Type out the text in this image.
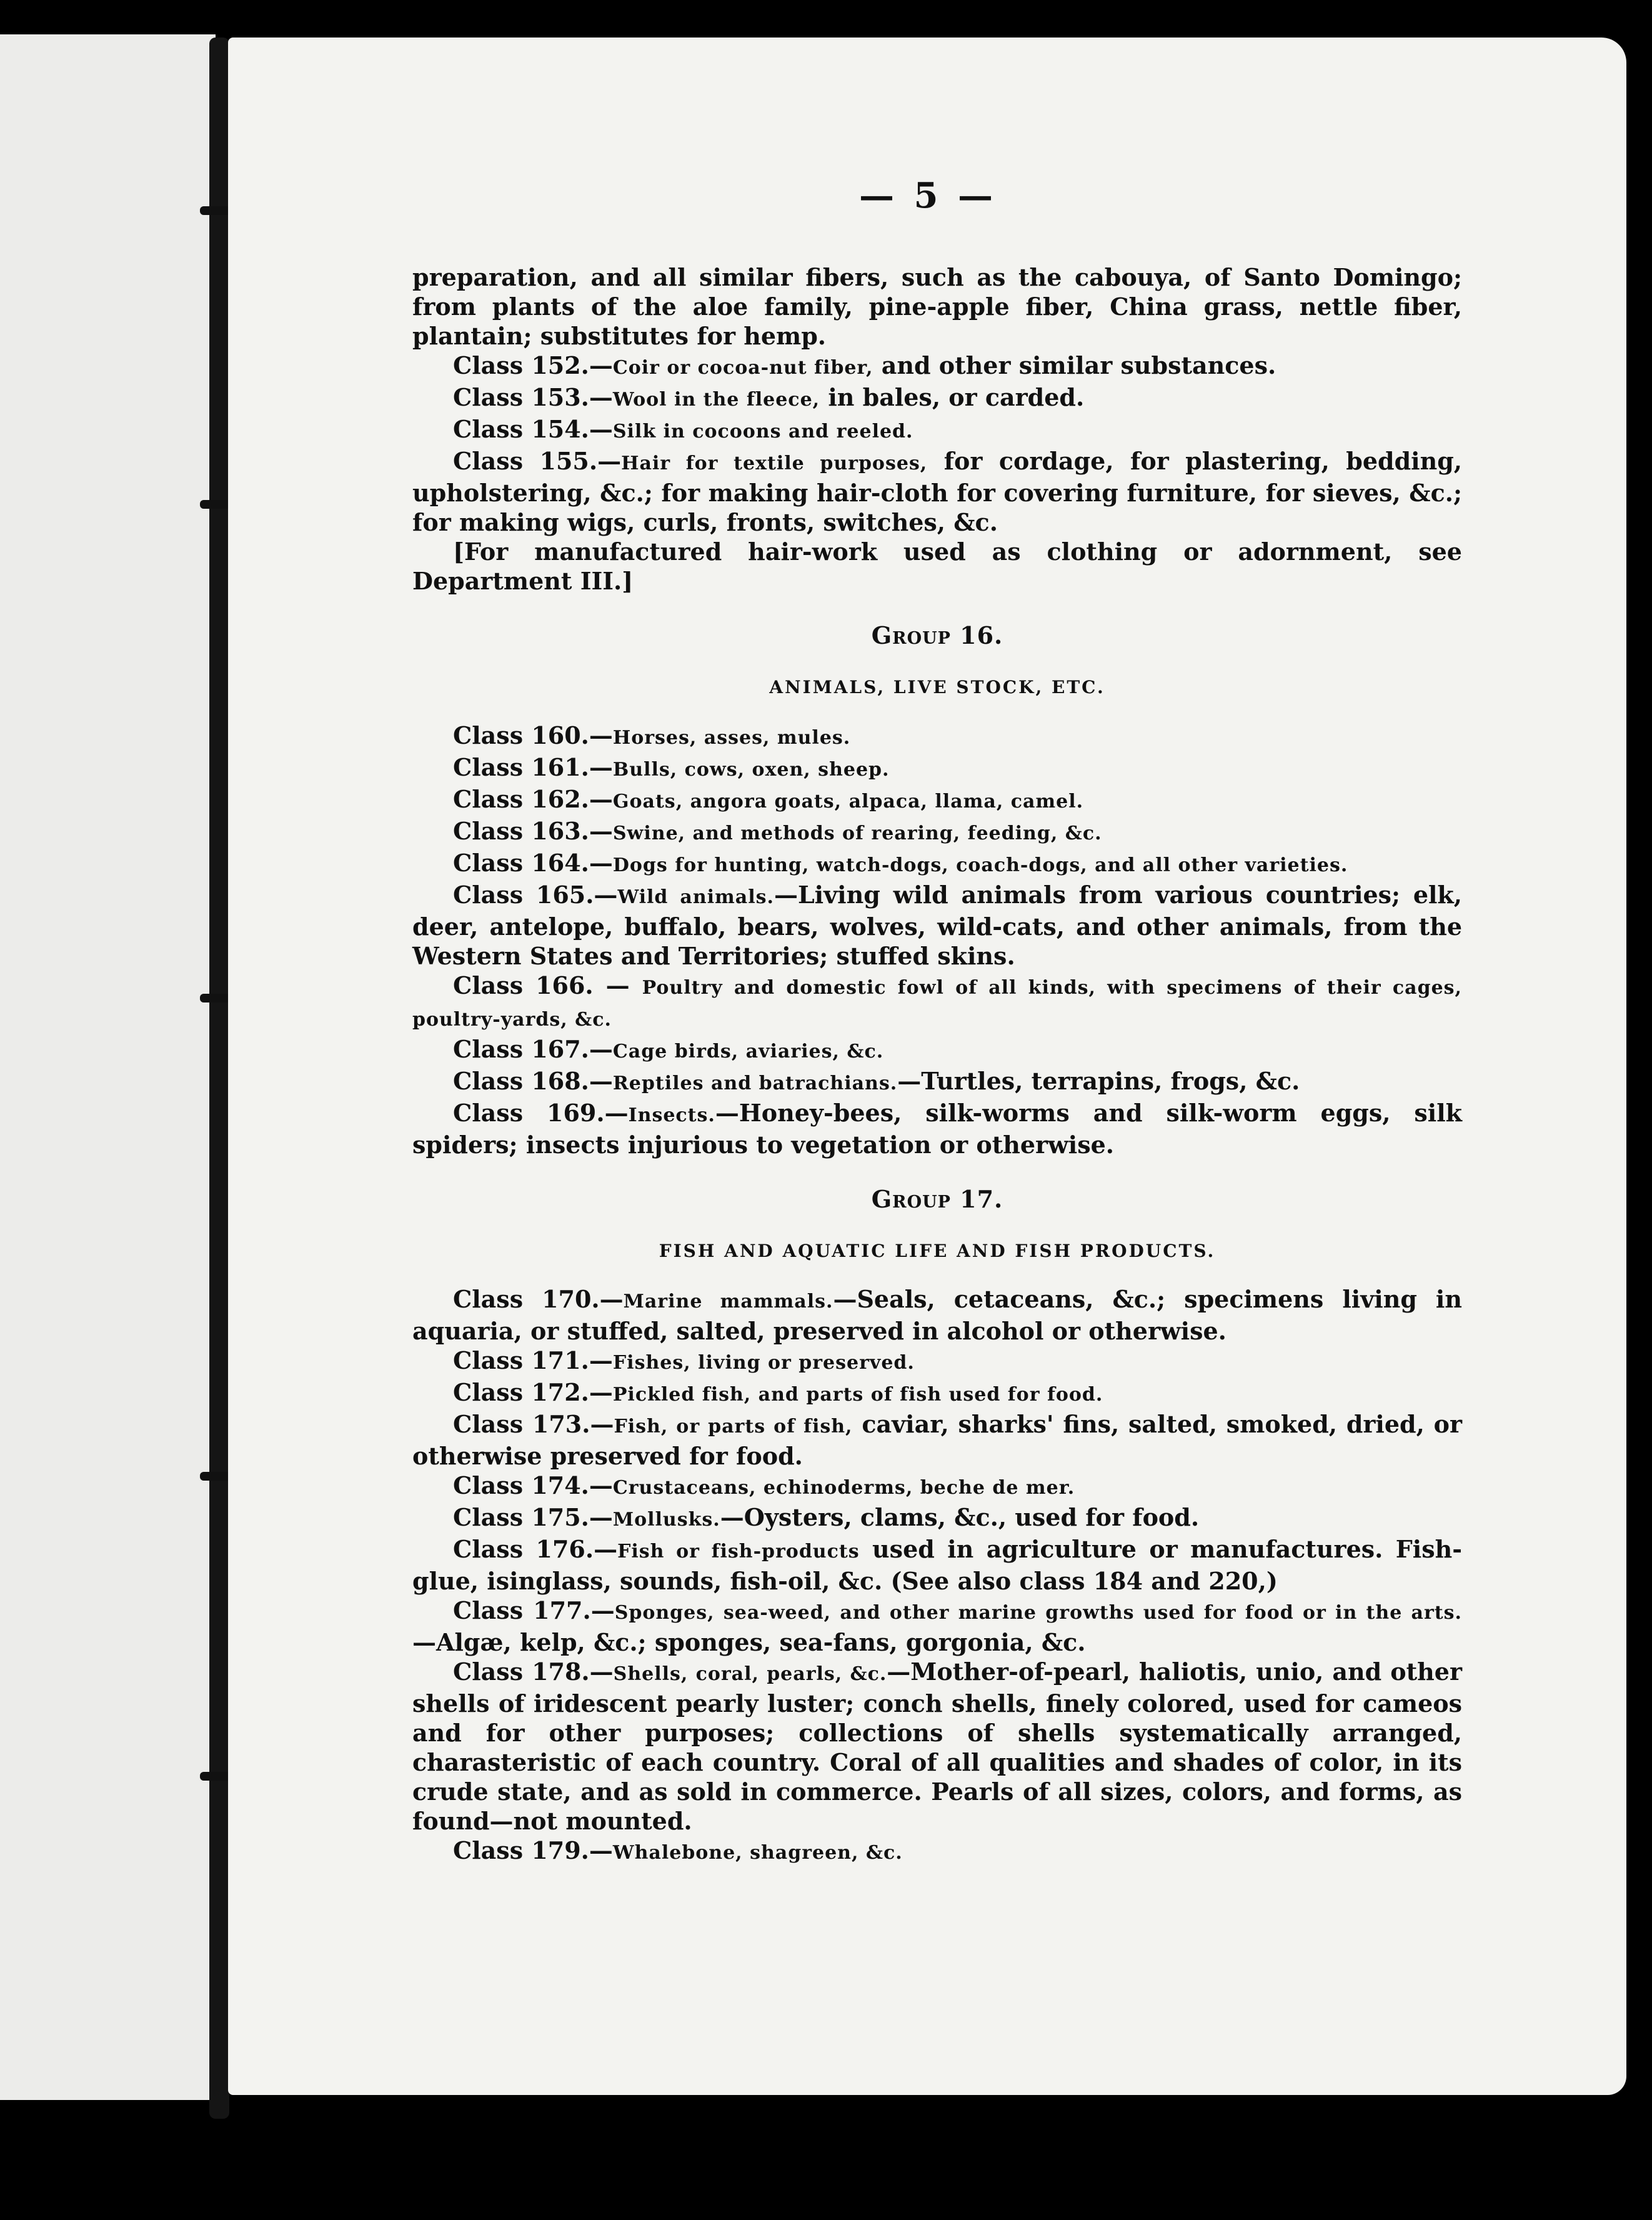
— 5 —

preparation, and all similar fibers, such as the cabouya, of Santo Domingo; from plants of the aloe family, pine-apple fiber, China grass, nettle fiber, plantain; substitutes for hemp.

Class 152.—Coir or cocoa-nut fiber, and other similar substances.

Class 153.—Wool in the fleece, in bales, or carded.

Class 154.—Silk in cocoons and reeled.

Class 155.—Hair for textile purposes, for cordage, for plastering, bedding, upholstering, &c.; for making hair-cloth for covering furniture, for sieves, &c.; for making wigs, curls, fronts, switches, &c.

[For manufactured hair-work used as clothing or adornment, see Department III.]

Group 16.

ANIMALS, LIVE STOCK, ETC.

Class 160.—Horses, asses, mules.

Class 161.—Bulls, cows, oxen, sheep.

Class 162.—Goats, angora goats, alpaca, llama, camel.

Class 163.—Swine, and methods of rearing, feeding, &c.

Class 164.—Dogs for hunting, watch-dogs, coach-dogs, and all other varieties.

Class 165.—Wild animals.—Living wild animals from various countries; elk, deer, antelope, buffalo, bears, wolves, wild-cats, and other animals, from the Western States and Territories; stuffed skins.

Class 166. — Poultry and domestic fowl of all kinds, with specimens of their cages, poultry-yards, &c.

Class 167.—Cage birds, aviaries, &c.

Class 168.—Reptiles and batrachians.—Turtles, terrapins, frogs, &c.

Class 169.—Insects.—Honey-bees, silk-worms and silk-worm eggs, silk spiders; insects injurious to vegetation or otherwise.

Group 17.

FISH AND AQUATIC LIFE AND FISH PRODUCTS.

Class 170.—Marine mammals.—Seals, cetaceans, &c.; specimens living in aquaria, or stuffed, salted, preserved in alcohol or otherwise.

Class 171.—Fishes, living or preserved.

Class 172.—Pickled fish, and parts of fish used for food.

Class 173.—Fish, or parts of fish, caviar, sharks' fins, salted, smoked, dried, or otherwise preserved for food.

Class 174.—Crustaceans, echinoderms, beche de mer.

Class 175.—Mollusks.—Oysters, clams, &c., used for food.

Class 176.—Fish or fish-products used in agriculture or manufactures. Fish-glue, isinglass, sounds, fish-oil, &c. (See also class 184 and 220,)

Class 177.—Sponges, sea-weed, and other marine growths used for food or in the arts.—Algæ, kelp, &c.; sponges, sea-fans, gorgonia, &c.

Class 178.—Shells, coral, pearls, &c.—Mother-of-pearl, haliotis, unio, and other shells of iridescent pearly luster; conch shells, finely colored, used for cameos and for other purposes; collections of shells systematically arranged, charasteristic of each country. Coral of all qualities and shades of color, in its crude state, and as sold in commerce. Pearls of all sizes, colors, and forms, as found—not mounted.

Class 179.—Whalebone, shagreen, &c.
